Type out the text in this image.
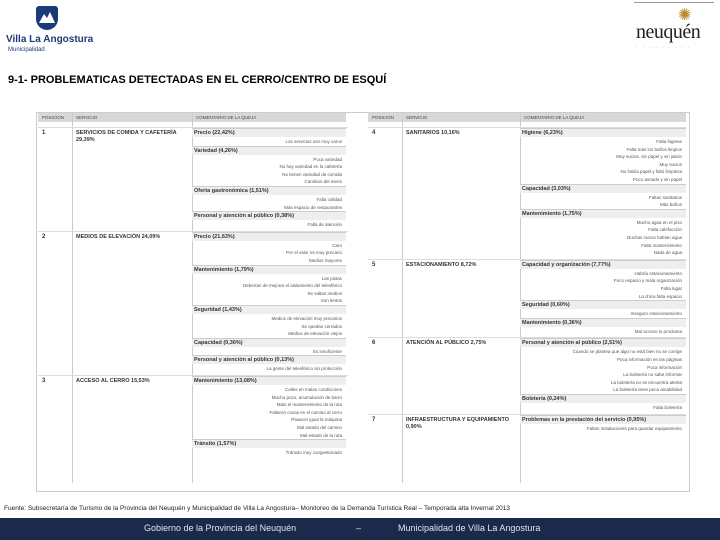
Villa La Angostura
Municipalidad
✺
neuquén
· · · · · · · · ·
9-1- PROBLEMATICAS DETECTADAS EN EL CERRO/CENTRO DE ESQUÍ
POSICIÓN	SERVICIO	COMENTARIO DE LA QUEJA
1	SERVICIOS DE COMIDA Y CAFETERÍA 29,39%
Precio (22,42%)
Los servicios son muy caros
Variedad (4,26%)
Poca variedad
No hay variedad en la cafetería
No tienen variedad de comida
Cambios del menú
Oferta gastronómica (1,51%)
Falta calidad
Más espacio de restaurantes
Personal y atención al público (0,38%)
Falta de atención
2	MEDIOS DE ELEVACIÓN 24,09%	Precio (21,63%)
Caro
Por el valor es muy precario
Medios mayores
Mantenimiento (1,79%)
Las pistas
Deberían de mejorar el aislamiento del telesférico
Se saltan medios
Son lentos
Seguridad (1,43%)
Medios de elevación muy precarios
Se quedan cerrados
Medios de elevación viejos
Capacidad (0,36%)
Es insuficiente
Personal y atención al público (0,13%)
La gente del telesférico sin protección
3	ACCESO AL CERRO 15,53%	Mantenimiento (13,08%)
Calles en malas condiciones
Mucho pozo, acumulación de barro
Malo el mantenimiento de la ruta
Faltaron cosas en el camino al cerro
Pasaron igual la máquina
Mal estado del camino
Mal estado de la ruta
Tránsito (1,57%)
Tránsito muy congestionado
POSICIÓN	SERVICIO	COMENTARIO DE LA QUEJA
4	SANITARIOS 10,16%	Higiene (6,23%)
Falta higiene
Falta más los baños limpios
Muy sucios, sin papel y sin jabón
Muy sucios
No había papel y faltó limpieza
Poco aseado y sin papel
Capacidad (3,03%)
Faltan sanitarios
Más baños
Mantenimiento (1,75%)
Mucho agua en el piso
Falta calefacción
Duchas nunca habían agua
Falta mantenimiento
Nada de agua
5	ESTACIONAMIENTO 8,72%	Capacidad y organización (7,77%)
Habría estacionamiento
Poco espacio y mala organización
Falta lugar
La chica falta espacio
Seguridad (0,60%)
Inseguro estacionamiento
Mantenimiento (0,36%)
Mal acceso lo proclama
6	ATENCIÓN AL PÚBLICO 2,75%	Personal y atención al público (2,51%)
Cuando se plantea que algo no está bien no se corrige
Poca información en las páginas
Poca información
La boletería no sabe informar
La boletería no se encuentra atenta
La boletería tiene poca amabilidad
Boletería (0,24%)
Falta boletería
7	INFRAESTRUCTURA Y EQUIPAMIENTO 0,90%
Problemas en la prestación del servicio (0,95%)
Faltan instalaciones para guardar equipamiento
Fuente: Subsecretaría de Turismo de la Provincia del Neuquén y Municipalidad de Villa La Angostura– Monitoreo de la Demanda Turística Real – Temporada alta Invernal 2013
Gobierno de la Provincia del Neuquén	–	Municipalidad de Villa La Angostura
